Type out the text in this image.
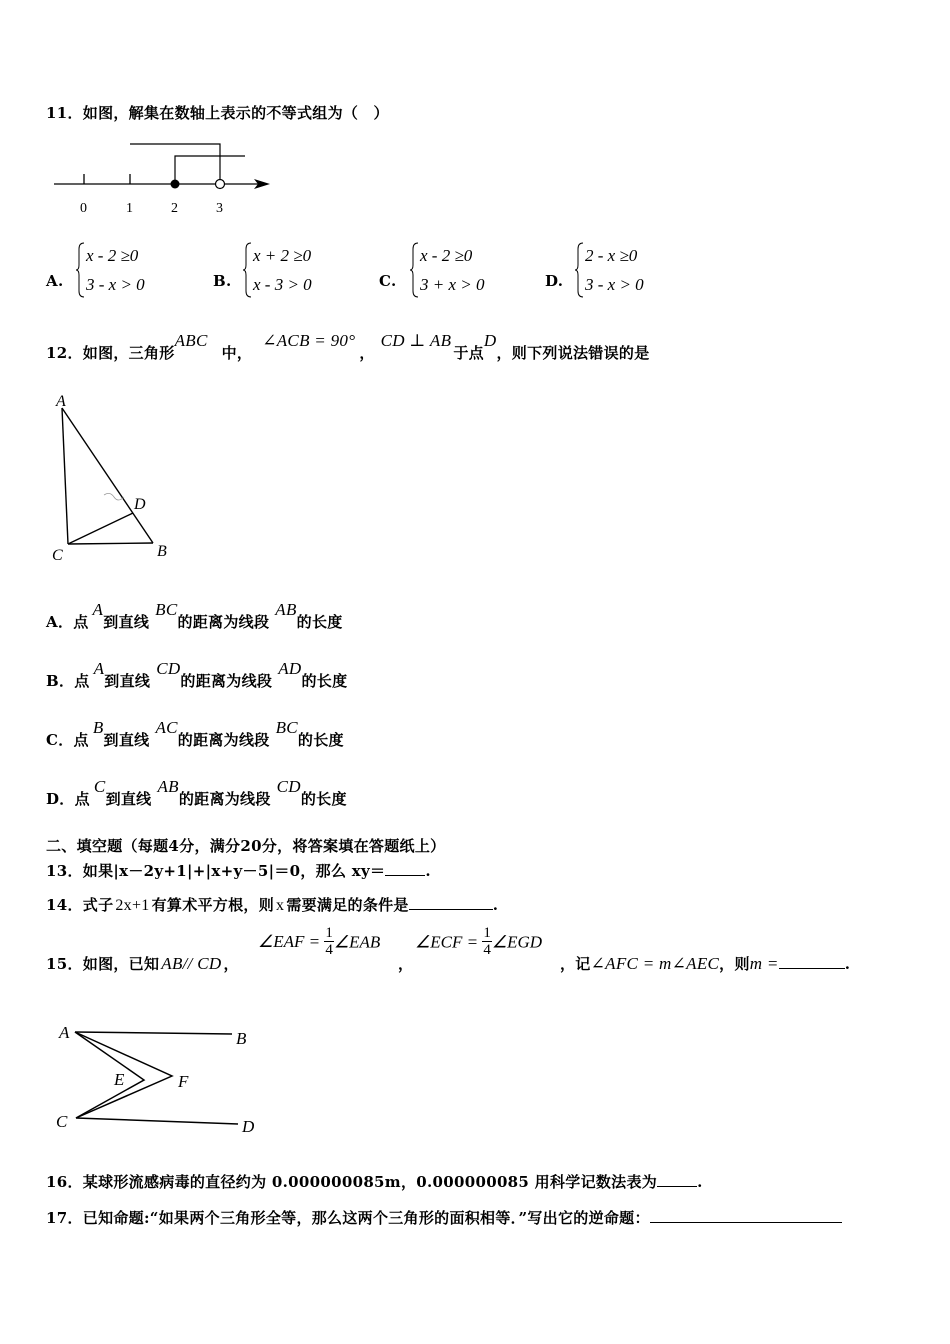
11．如图，解集在数轴上表示的不等式组为（　）
0	1	2	3
A.
x - 2 ≥0
3 - x > 0	B.
x + 2 ≥0
x - 3 > 0	C.
x - 2 ≥0
3 + x > 0	D.
2 - x ≥0
3 - x > 0
12．如图，三角形ABC中，∠ACB = 90°，CD ⊥ AB于点D，则下列说法错误的是
A
D
C	B
A．点A到直线BC的距离为线段AB的长度
B．点A到直线CD的距离为线段AD的长度
C．点B到直线AC的距离为线段BC的长度
D．点C到直线AB的距离为线段CD的长度
二、填空题（每题4分，满分20分，将答案填在答题纸上）
13．如果|x－2y+1|+|x+y－5|＝0，那么 xy＝	.
14．式子 2x+1 有算术平方根，则 x 需要满足的条件是	.
15．如图，已知 AB// CD ，
∠EAF = $\frac{1}{4}$ ∠EAB
，
∠ECF = $\frac{1}{4}$ ∠EGD
，记∠AFC = m∠AEC，则m =	.
A	B
E	F
C	D
16．某球形流感病毒的直径约为 0.000000085m，0.000000085 用科学记数法表为	.
17．已知命题:“如果两个三角形全等，那么这两个三角形的面积相等．”写出它的逆命题：
